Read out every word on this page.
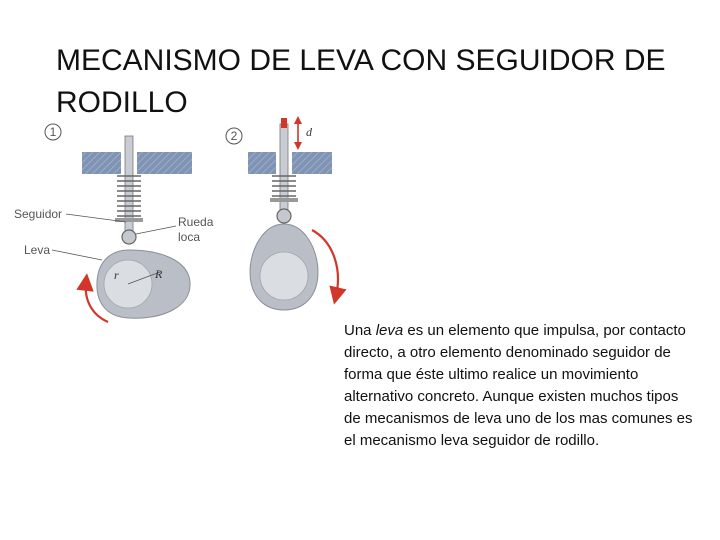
MECANISMO DE LEVA CON SEGUIDOR DE RODILLO
1
r	R
Seguidor
Leva
Rueda
loca
2	d

Una leva es un elemento que impulsa, por contacto directo, a otro elemento denominado seguidor de forma que éste ultimo realice un movimiento alternativo concreto. Aunque existen muchos tipos de mecanismos de leva uno de los mas comunes es el mecanismo leva seguidor de rodillo.
